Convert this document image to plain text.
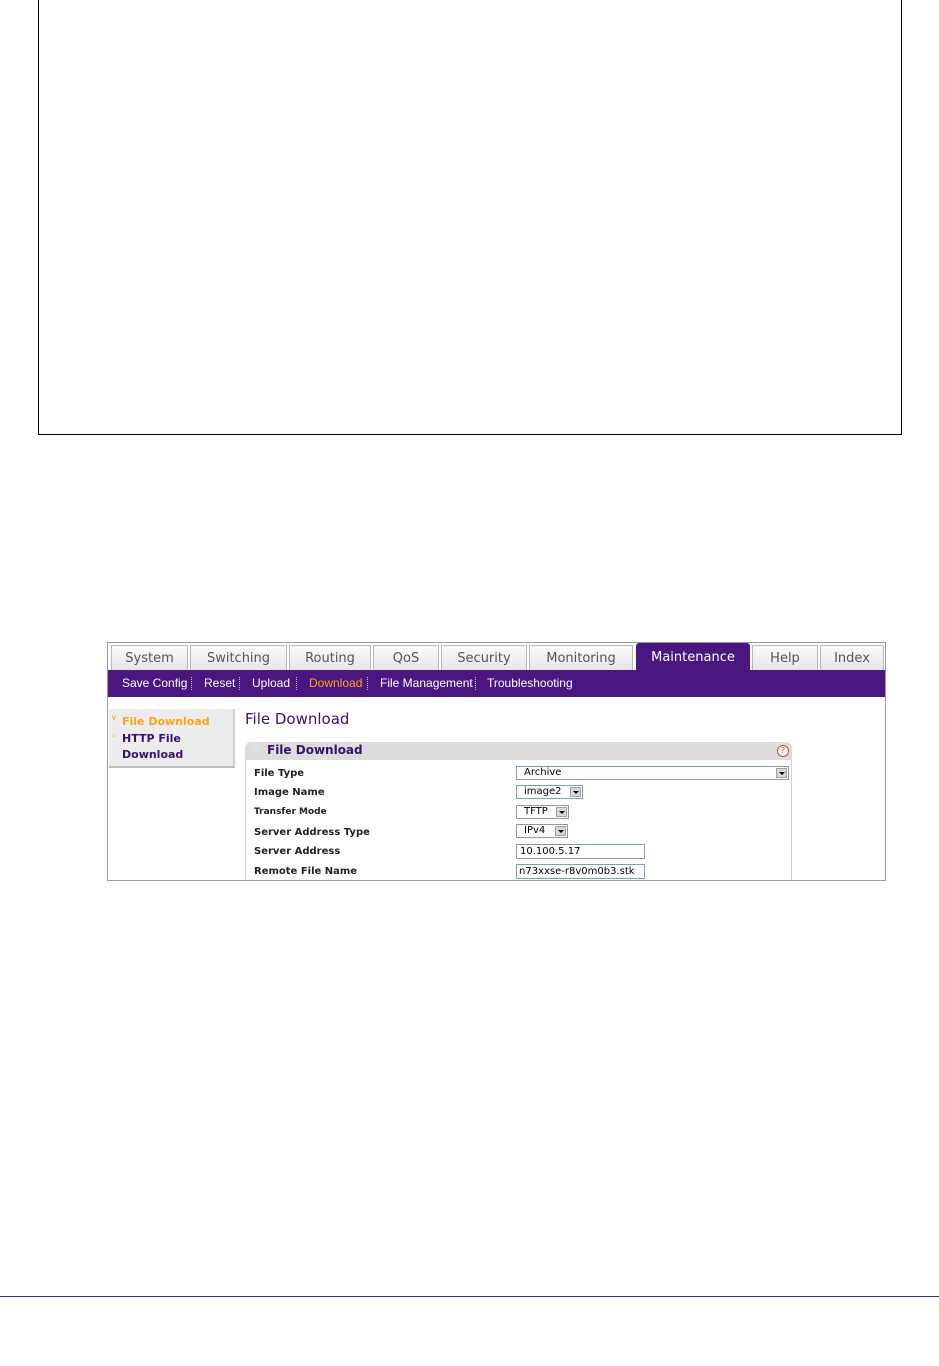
System	Switching	Routing	QoS	Security	Monitoring	Maintenance	Help	Index
Save Config Reset Upload Download File Management Troubleshooting
∨ File Download
› HTTP File
Download
File Download
∷ File Download	?
File Type	Archive
Image Name	image2
Transfer Mode	TFTP
Server Address Type	IPv4
Server Address	10.100.5.17
Remote File Name	n73xxse-r8v0m0b3.stk
